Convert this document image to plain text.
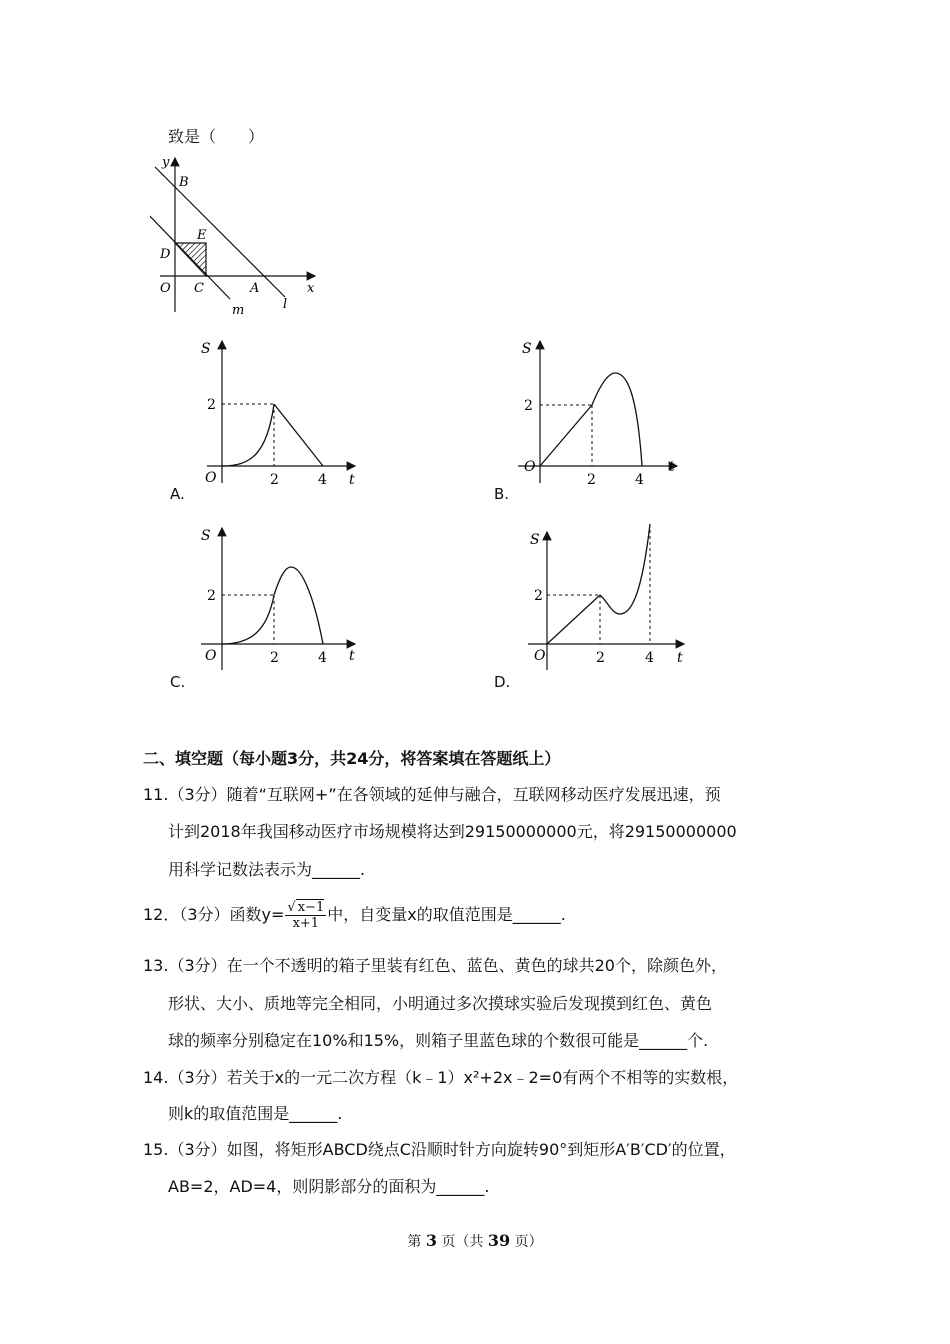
致是（　　）
y
x
B
E
D
O C	A
l
m
S
2
O	2	4 t
A.
S
2
O
2	4
t
B.
S
2
O	2	4 t
C.
S
2
O	2	4 t
D.
二、填空题（每小题3分，共24分，将答案填在答题纸上）
11.（3分）随着“互联网+”在各领域的延伸与融合，互联网移动医疗发展迅速，预
计到2018年我国移动医疗市场规模将达到29150000000元，将29150000000
用科学记数法表示为______.
12．（3分）函数$y= \frac{√ x-1}{x+1}$ 中，自变量x的取值范围是______.
13.（3分）在一个不透明的箱子里装有红色、蓝色、黄色的球共20个，除颜色外，
形状、大小、质地等完全相同，小明通过多次摸球实验后发现摸到红色、黄色
球的频率分别稳定在10%和15%，则箱子里蓝色球的个数很可能是______个.
14.（3分）若关于x的一元二次方程（k﹣1）x²+2x﹣2=0有两个不相等的实数根，
则k的取值范围是______.
15.（3分）如图，将矩形ABCD绕点C沿顺时针方向旋转90°到矩形A′B′CD′的位置，
AB=2，AD=4，则阴影部分的面积为______.
第 3 页（共 39 页）
